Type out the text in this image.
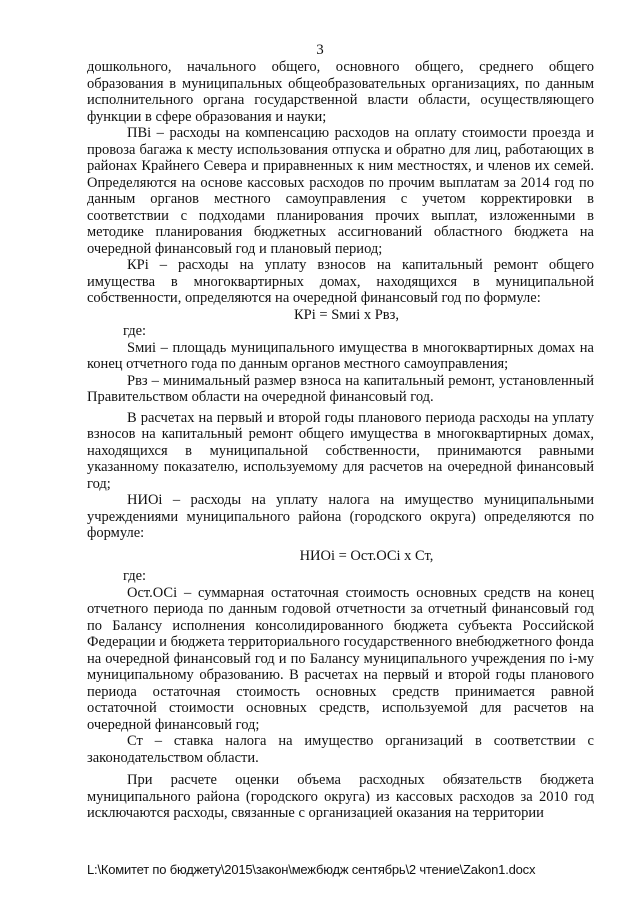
3

дошкольного, начального общего, основного общего, среднего общего образования в муниципальных общеобразовательных организациях, по данным исполнительного органа государственной власти области, осуществляющего функции в сфере образования и науки;

ПВі – расходы на компенсацию расходов на оплату стоимости проезда и провоза багажа к месту использования отпуска и обратно для лиц, работающих в районах Крайнего Севера и приравненных к ним местностях, и членов их семей. Определяются на основе кассовых расходов по прочим выплатам за 2014 год по данным органов местного самоуправления с учетом корректировки в соответствии с подходами планирования прочих выплат, изложенными в методике планирования бюджетных ассигнований областного бюджета на очередной финансовый год и плановый период;

КРі – расходы на уплату взносов на капитальный ремонт общего имущества в многоквартирных домах, находящихся в муниципальной собственности, определяются на очередной финансовый год по формуле:

КРі = Ѕмиі х Рвз,

где:

Ѕмиі – площадь муниципального имущества в многоквартирных домах на конец отчетного года по данным органов местного самоуправления;

Рвз – минимальный размер взноса на капитальный ремонт, установленный Правительством области на очередной финансовый год.

В расчетах на первый и второй годы планового периода расходы на уплату взносов на капитальный ремонт общего имущества в многоквартирных домах, находящихся в муниципальной собственности, принимаются равными указанному показателю, используемому для расчетов на очередной финансовый год;

НИОі – расходы на уплату налога на имущество муниципальными учреждениями муниципального района (городского округа) определяются по формуле:

НИОі = Ост.ОСі х Ст,

где:

Ост.ОСі – суммарная остаточная стоимость основных средств на конец отчетного периода по данным годовой отчетности за отчетный финансовый год по Балансу исполнения консолидированного бюджета субъекта Российской Федерации и бюджета территориального государственного внебюджетного фонда на очередной финансовый год и по Балансу муниципального учреждения по і-му муниципальному образованию. В расчетах на первый и второй годы планового периода остаточная стоимость основных средств принимается равной остаточной стоимости основных средств, используемой для расчетов на очередной финансовый год;

Ст – ставка налога на имущество организаций в соответствии с законодательством области.

При расчете оценки объема расходных обязательств бюджета муниципального района (городского округа) из кассовых расходов за 2010 год исключаются расходы, связанные с организацией оказания на территории

L:\Комитет по бюджету\2015\закон\межбюдж сентябрь\2 чтение\Zakon1.docx
